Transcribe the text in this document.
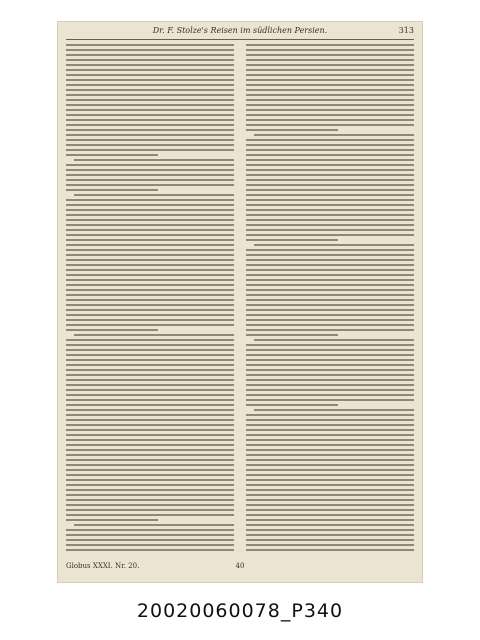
Dr. F. Stolze's Reisen im südlichen Persien.	313
Globus XXXI. Nr. 20.	40
20020060078_P340
